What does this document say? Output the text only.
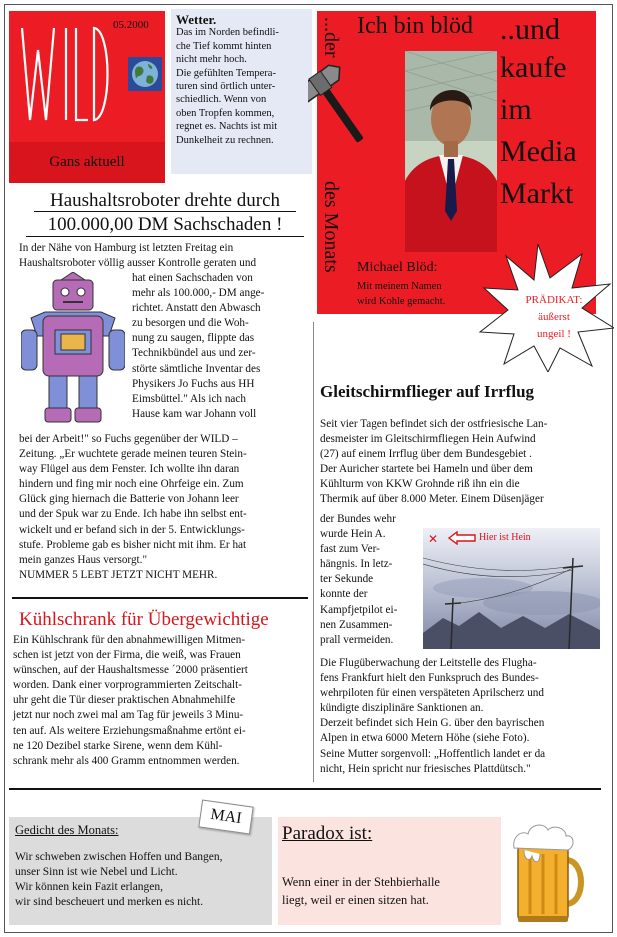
05.2000
Gans aktuell
Wetter.
Das im Norden befindli-
che Tief kommt hinten
nicht mehr hoch.
Die gefühlten Tempera-
turen sind örtlich unter-
schiedlich. Wenn von
oben Tropfen kommen,
regnet es. Nachts ist mit
Dunkelheit zu rechnen.
Ich bin blöd
...der
des Monats
..und
kaufe
im
Media
Markt
Michael Blöd:
Mit meinem Namen
wird Kohle gemacht.	PRÄDIKAT:
äußerst
ungeil !
Haushaltsroboter drehte durch
100.000,00 DM Sachschaden !
In der Nähe von Hamburg ist letzten Freitag ein
Haushaltsroboter völlig ausser Kontrolle geraten und
hat einen Sachschaden von
mehr als 100.000,- DM ange-
richtet. Anstatt den Abwasch
zu besorgen und die Woh-
nung zu saugen, flippte das
Technikbündel aus und zer-
störte sämtliche Inventar des
Physikers Jo Fuchs aus HH
Eimsbüttel." Als ich nach
Hause kam war Johann voll
bei der Arbeit!" so Fuchs gegenüber der WILD –
Zeitung. „Er wuchtete gerade meinen teuren Stein-
way Flügel aus dem Fenster. Ich wollte ihn daran
hindern und fing mir noch eine Ohrfeige ein. Zum
Glück ging hiernach die Batterie von Johann leer
und der Spuk war zu Ende. Ich habe ihn selbst ent-
wickelt und er befand sich in der 5. Entwicklungs-
stufe. Probleme gab es bisher nicht mit ihm. Er hat
mein ganzes Haus versorgt."
NUMMER 5 LEBT JETZT NICHT MEHR.
Kühlschrank für Übergewichtige
Ein Kühlschrank für den abnahmewilligen Mitmen-
schen ist jetzt von der Firma, die weiß, was Frauen
wünschen, auf der Haushaltsmesse ´2000 präsentiert
worden. Dank einer vorprogrammierten Zeitschalt-
uhr geht die Tür dieser praktischen Abnahmehilfe
jetzt nur noch zwei mal am Tag für jeweils 3 Minu-
ten auf. Als weitere Erziehungsmaßnahme ertönt ei-
ne 120 Dezibel starke Sirene, wenn dem Kühl-
schrank mehr als 400 Gramm entnommen werden.
Gleitschirmflieger auf Irrflug
Seit vier Tagen befindet sich der ostfriesische Lan-
desmeister im Gleitschirmfliegen Hein Aufwind
(27) auf einem Irrflug über dem Bundesgebiet .
Der Auricher startete bei Hameln und über dem
Kühlturm von KKW Grohnde riß ihn ein die
Thermik auf über 8.000 Meter. Einem Düsenjäger
der Bundes wehr
wurde Hein A.
fast zum Ver-
hängnis. In letz-
ter Sekunde
konnte der
Kampfjetpilot ei-
nen Zusammen-
prall vermeiden.
✕	Hier ist Hein
Die Flugüberwachung der Leitstelle des Flugha-
fens Frankfurt hielt den Funkspruch des Bundes-
wehrpiloten für einen verspäteten Aprilscherz und
kündigte disziplinäre Sanktionen an.
Derzeit befindet sich Hein G. über den bayrischen
Alpen in etwa 6000 Metern Höhe (siehe Foto).
Seine Mutter sorgenvoll: „Hoffentlich landet er da
nicht, Hein spricht nur friesisches Plattdütsch."
Gedicht des Monats:
Wir schweben zwischen Hoffen und Bangen,
unser Sinn ist wie Nebel und Licht.
Wir können kein Fazit erlangen,
wir sind bescheuert und merken es nicht.
MAI
Paradox ist:
Wenn einer in der Stehbierhalle
liegt, weil er einen sitzen hat.
